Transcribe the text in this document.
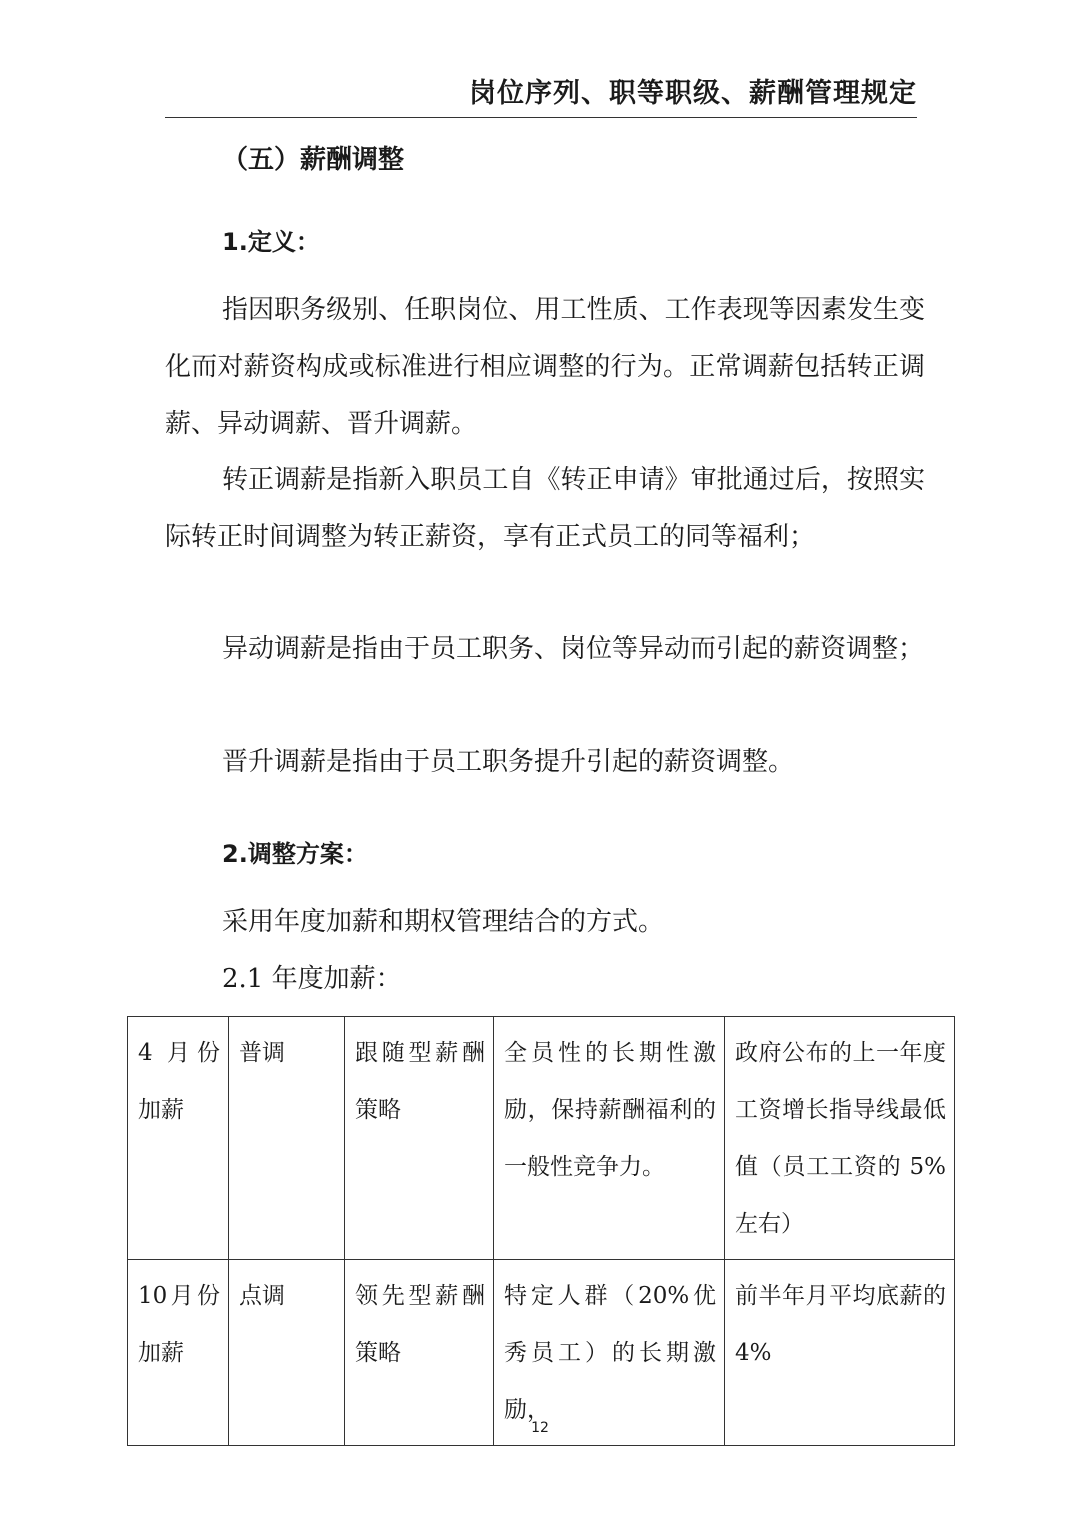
岗位序列、职等职级、薪酬管理规定
（五）薪酬调整
1.定义：

指因职务级别、任职岗位、用工性质、工作表现等因素发生变化而对薪资构成或标准进行相应调整的行为。正常调薪包括转正调薪、异动调薪、晋升调薪。

转正调薪是指新入职员工自《转正申请》审批通过后，按照实际转正时间调整为转正薪资，享有正式员工的同等福利；

异动调薪是指由于员工职务、岗位等异动而引起的薪资调整；

晋升调薪是指由于员工职务提升引起的薪资调整。

2.调整方案：

采用年度加薪和期权管理结合的方式。

2.1 年度加薪：

4 月份加薪	普调	跟随型薪酬策略	全员性的长期性激励，保持薪酬福利的一般性竞争力。	政府公布的上一年度工资增长指导线最低值（员工工资的 5%左右）
10月份加薪	点调	领先型薪酬策略	特定人群（20%优秀员工）的长期激励，	前半年月平均底薪的 4%
12
